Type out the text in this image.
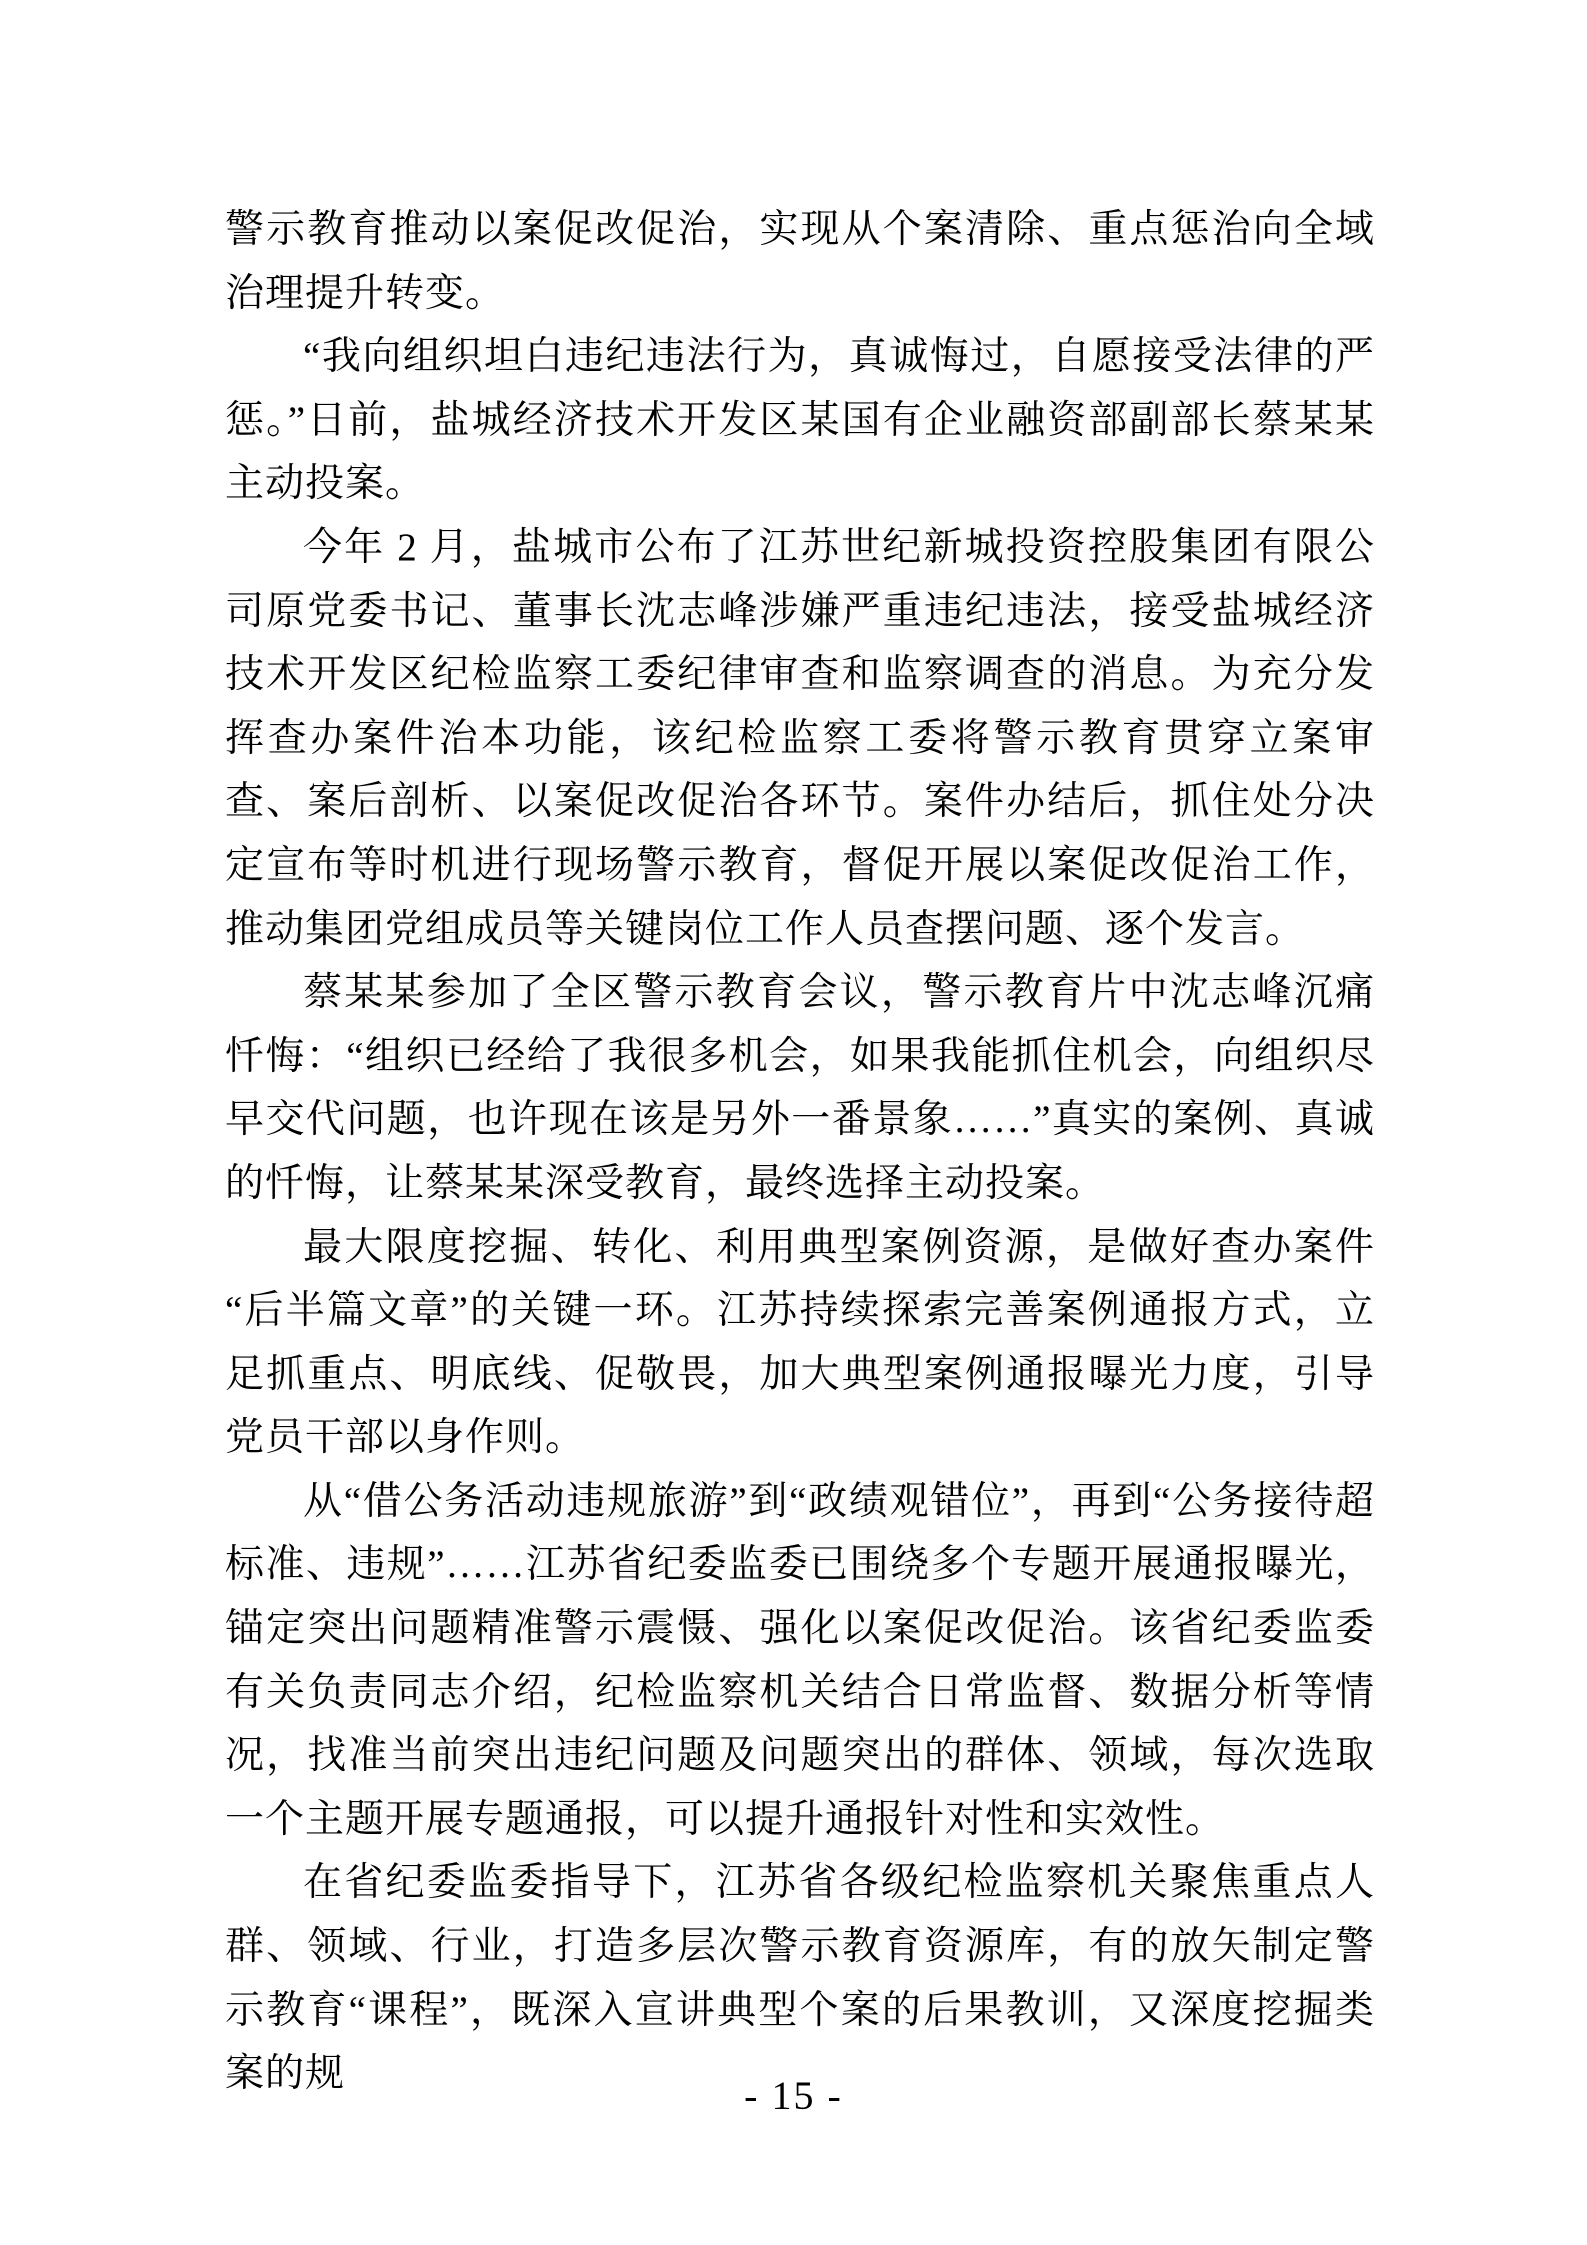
警示教育推动以案促改促治，实现从个案清除、重点惩治向全域治理提升转变。

“我向组织坦白违纪违法行为，真诚悔过，自愿接受法律的严惩。”日前，盐城经济技术开发区某国有企业融资部副部长蔡某某主动投案。

今年 2 月，盐城市公布了江苏世纪新城投资控股集团有限公司原党委书记、董事长沈志峰涉嫌严重违纪违法，接受盐城经济技术开发区纪检监察工委纪律审查和监察调查的消息。为充分发挥查办案件治本功能，该纪检监察工委将警示教育贯穿立案审查、案后剖析、以案促改促治各环节。案件办结后，抓住处分决定宣布等时机进行现场警示教育，督促开展以案促改促治工作，推动集团党组成员等关键岗位工作人员查摆问题、逐个发言。

蔡某某参加了全区警示教育会议，警示教育片中沈志峰沉痛忏悔：“组织已经给了我很多机会，如果我能抓住机会，向组织尽早交代问题，也许现在该是另外一番景象……”真实的案例、真诚的忏悔，让蔡某某深受教育，最终选择主动投案。

最大限度挖掘、转化、利用典型案例资源，是做好查办案件“后半篇文章”的关键一环。江苏持续探索完善案例通报方式，立足抓重点、明底线、促敬畏，加大典型案例通报曝光力度，引导党员干部以身作则。

从“借公务活动违规旅游”到“政绩观错位”，再到“公务接待超标准、违规”……江苏省纪委监委已围绕多个专题开展通报曝光，锚定突出问题精准警示震慑、强化以案促改促治。该省纪委监委有关负责同志介绍，纪检监察机关结合日常监督、数据分析等情况，找准当前突出违纪问题及问题突出的群体、领域，每次选取一个主题开展专题通报，可以提升通报针对性和实效性。

在省纪委监委指导下，江苏省各级纪检监察机关聚焦重点人群、领域、行业，打造多层次警示教育资源库，有的放矢制定警示教育“课程”，既深入宣讲典型个案的后果教训，又深度挖掘类案的规	- 15 -
